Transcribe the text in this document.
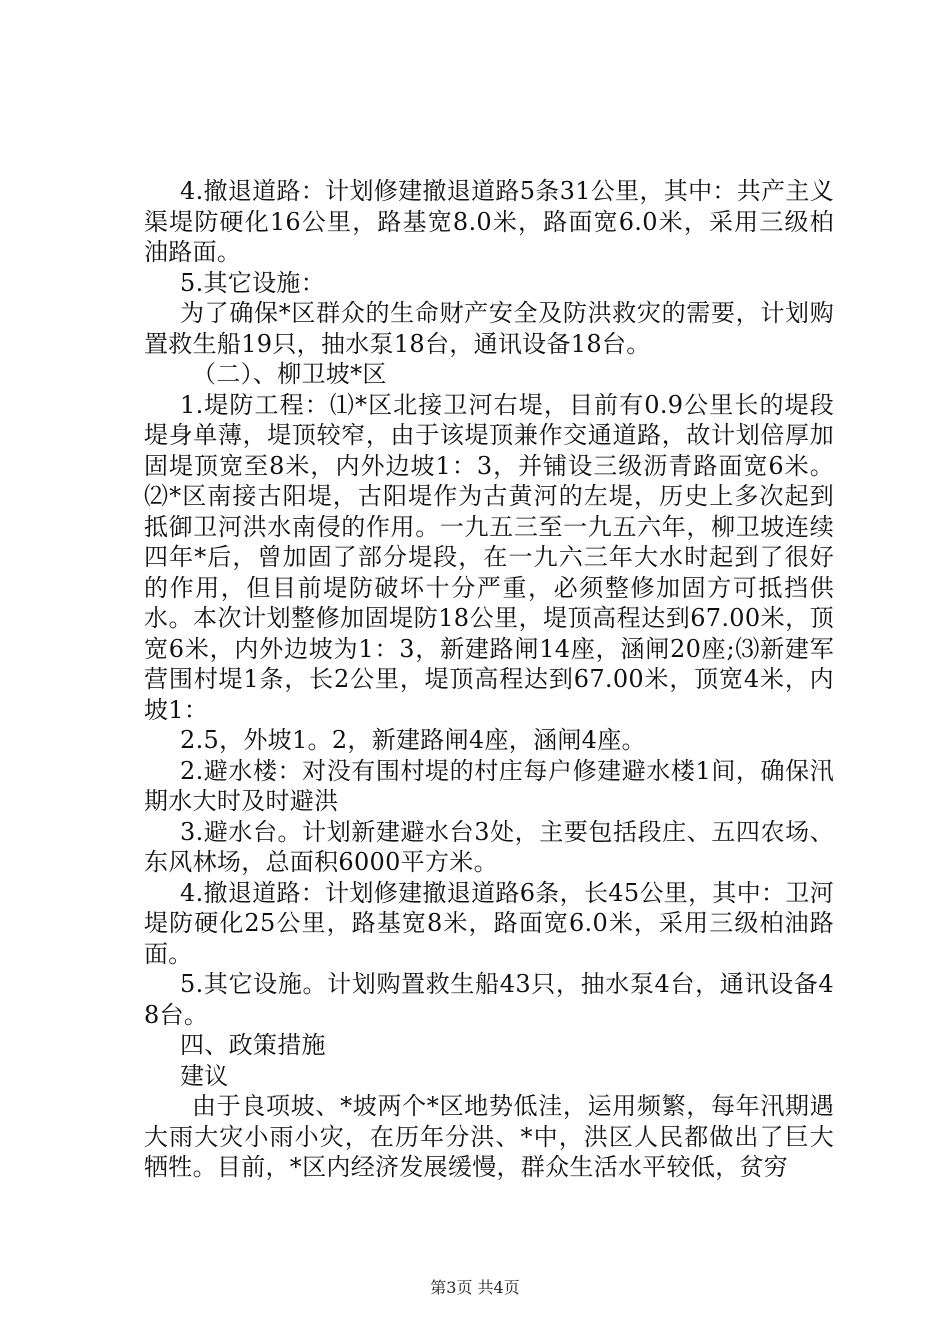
4.撤退道路：计划修建撤退道路5条31公里，其中：共产主义渠堤防硬化16公里，路基宽8.0米，路面宽6.0米，采用三级柏油路面。

5.其它设施：

为了确保*区群众的生命财产安全及防洪救灾的需要，计划购置救生船19只，抽水泵18台，通讯设备18台。

（二）、柳卫坡*区

1.堤防工程：⑴*区北接卫河右堤，目前有0.9公里长的堤段堤身单薄，堤顶较窄，由于该堤顶兼作交通道路，故计划倍厚加固堤顶宽至8米，内外边坡1：3，并铺设三级沥青路面宽6米。⑵*区南接古阳堤，古阳堤作为古黄河的左堤，历史上多次起到抵御卫河洪水南侵的作用。一九五三至一九五六年，柳卫坡连续四年*后，曾加固了部分堤段，在一九六三年大水时起到了很好的作用，但目前堤防破坏十分严重，必须整修加固方可抵挡供水。本次计划整修加固堤防18公里，堤顶高程达到67.00米，顶宽6米，内外边坡为1：3，新建路闸14座，涵闸20座;⑶新建军营围村堤1条，长2公里，堤顶高程达到67.00米，顶宽4米，内坡1：

2.5，外坡1。2，新建路闸4座，涵闸4座。

2.避水楼：对没有围村堤的村庄每户修建避水楼1间，确保汛期水大时及时避洪

3.避水台。计划新建避水台3处，主要包括段庄、五四农场、东风林场，总面积6000平方米。

4.撤退道路：计划修建撤退道路6条，长45公里，其中：卫河堤防硬化25公里，路基宽8米，路面宽6.0米，采用三级柏油路面。

5.其它设施。计划购置救生船43只，抽水泵4台，通讯设备48台。

四、政策措施

建议

由于良项坡、*坡两个*区地势低洼，运用频繁，每年汛期遇大雨大灾小雨小灾，在历年分洪、*中，洪区人民都做出了巨大牺牲。目前，*区内经济发展缓慢，群众生活水平较低，贫穷

第3页 共4页
